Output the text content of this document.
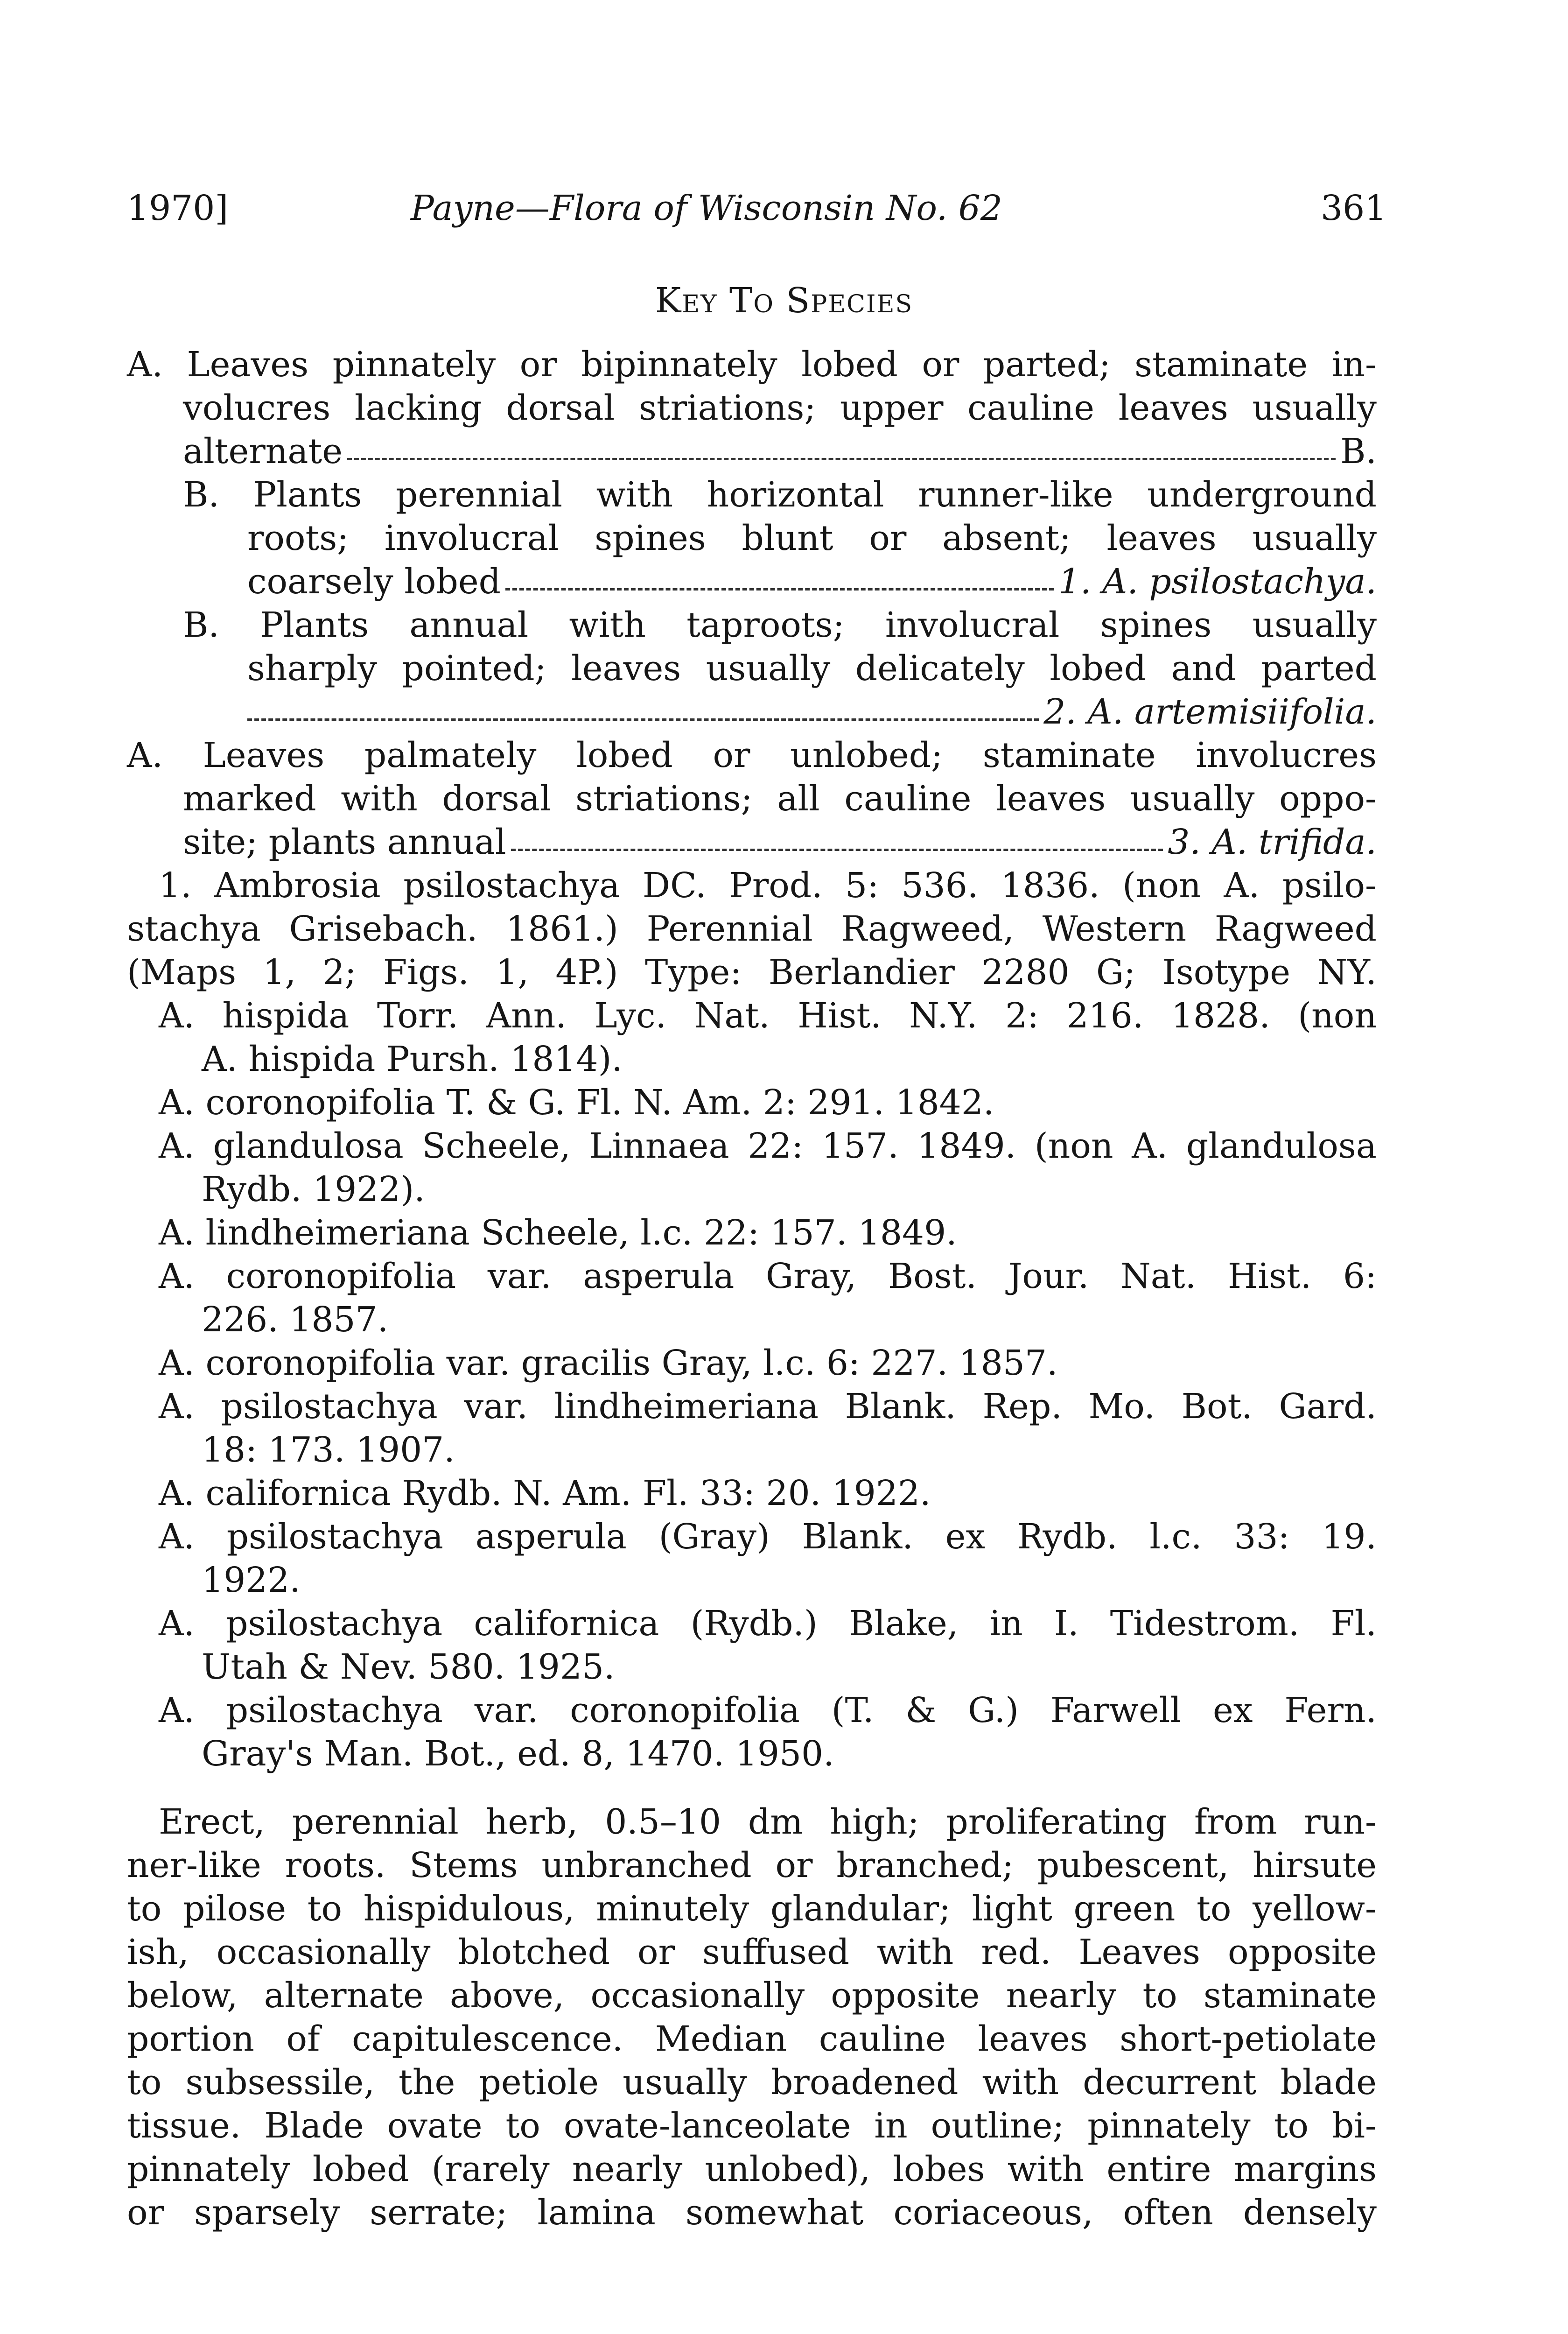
1970]	Payne—Flora of Wisconsin No. 62	361
Key To Species
A. Leaves pinnately or bipinnately lobed or parted; staminate in-
volucres lacking dorsal striations; upper cauline leaves usually
alternate	B.
B. Plants perennial with horizontal runner-like underground
roots; involucral spines blunt or absent; leaves usually
coarsely lobed	1. A. psilostachya.
B. Plants annual with taproots; involucral spines usually
sharply pointed; leaves usually delicately lobed and parted
2. A. artemisiifolia.
A. Leaves palmately lobed or unlobed; staminate involucres
marked with dorsal striations; all cauline leaves usually oppo-
site; plants annual	3. A. trifida.
1. Ambrosia psilostachya DC. Prod. 5: 536. 1836. (non A. psilo-
stachya Grisebach. 1861.) Perennial Ragweed, Western Ragweed
(Maps 1, 2; Figs. 1, 4P.) Type: Berlandier 2280 G; Isotype NY.
A. hispida Torr. Ann. Lyc. Nat. Hist. N.Y. 2: 216. 1828. (non
A. hispida Pursh. 1814).
A. coronopifolia T. & G. Fl. N. Am. 2: 291. 1842.
A. glandulosa Scheele, Linnaea 22: 157. 1849. (non A. glandulosa
Rydb. 1922).
A. lindheimeriana Scheele, l.c. 22: 157. 1849.
A. coronopifolia var. asperula Gray, Bost. Jour. Nat. Hist. 6:
226. 1857.
A. coronopifolia var. gracilis Gray, l.c. 6: 227. 1857.
A. psilostachya var. lindheimeriana Blank. Rep. Mo. Bot. Gard.
18: 173. 1907.
A. californica Rydb. N. Am. Fl. 33: 20. 1922.
A. psilostachya asperula (Gray) Blank. ex Rydb. l.c. 33: 19.
1922.
A. psilostachya californica (Rydb.) Blake, in I. Tidestrom. Fl.
Utah & Nev. 580. 1925.
A. psilostachya var. coronopifolia (T. & G.) Farwell ex Fern.
Gray's Man. Bot., ed. 8, 1470. 1950.
Erect, perennial herb, 0.5–10 dm high; proliferating from run-
ner-like roots. Stems unbranched or branched; pubescent, hirsute
to pilose to hispidulous, minutely glandular; light green to yellow-
ish, occasionally blotched or suffused with red. Leaves opposite
below, alternate above, occasionally opposite nearly to staminate
portion of capitulescence. Median cauline leaves short-petiolate
to subsessile, the petiole usually broadened with decurrent blade
tissue. Blade ovate to ovate-lanceolate in outline; pinnately to bi-
pinnately lobed (rarely nearly unlobed), lobes with entire margins
or sparsely serrate; lamina somewhat coriaceous, often densely
